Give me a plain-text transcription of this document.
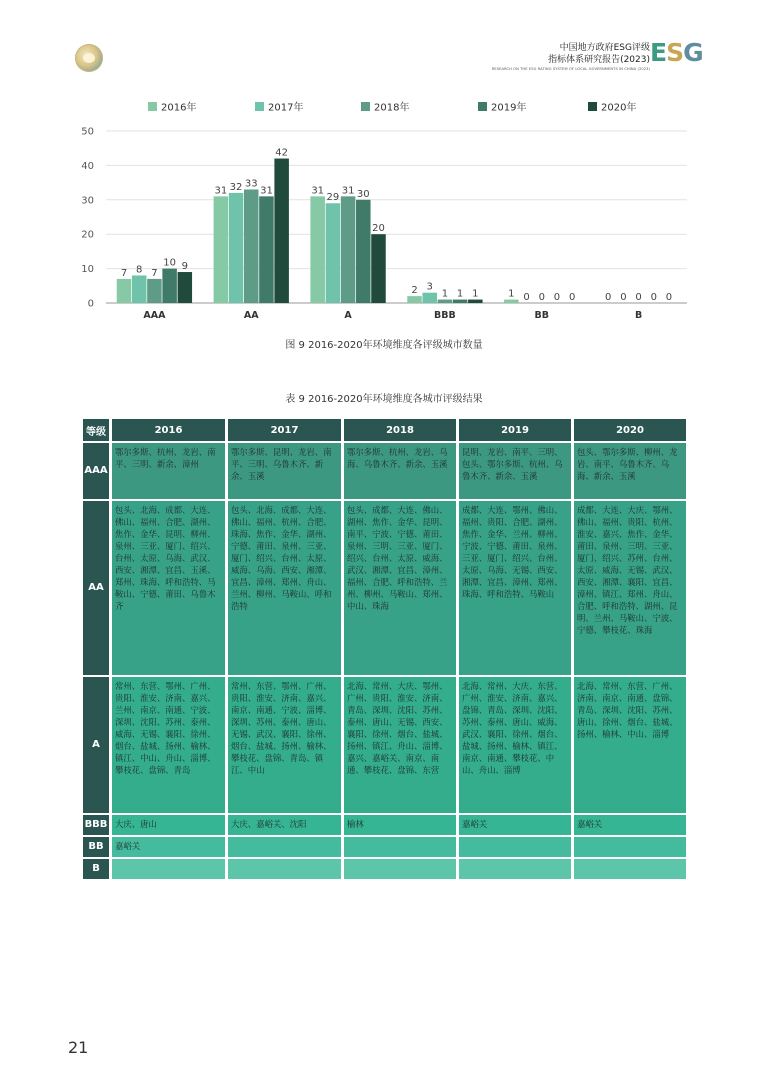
中国地方政府ESG评级
指标体系研究报告(2023)
RESEARCH ON THE ESG RATING SYSTEM OF LOCAL GOVERNMENTS IN CHINA (2023)
ESG
0
10
20
30
40
50
2016年	2017年	2018年	2019年	2020年
7 8 7
10 9
AAA
31 32 33
31
42
AA
31
29
31 30
20
A
2 3
1 1 1
BBB
1 0 0 0 0
BB
0 0 0 0 0
B
图 9 2016-2020年环境维度各评级城市数量
表 9 2016-2020年环境维度各城市评级结果
等级	2016	2017	2018	2019	2020
AAA	鄂尔多斯、杭州、龙岩、南平、三明、新余、漳州	鄂尔多斯、昆明、龙岩、南平、三明、乌鲁木齐、新余、玉溪	鄂尔多斯、杭州、龙岩、乌海、乌鲁木齐、新余、玉溪	昆明、龙岩、南平、三明、包头、鄂尔多斯、杭州、乌鲁木齐、新余、玉溪	包头、鄂尔多斯、柳州、龙岩、南平、乌鲁木齐、乌海、新余、玉溪
AA	包头、北海、成都、大连、佛山、福州、合肥、湖州、焦作、金华、昆明、柳州、泉州、三亚、厦门、绍兴、台州、太原、乌海、武汉、西安、湘潭、宜昌、玉溪、郑州、珠海、呼和浩特、马鞍山、宁德、莆田、乌鲁木齐	包头、北海、成都、大连、佛山、福州、杭州、合肥、珠海、焦作、金华、湖州、宁德、莆田、泉州、三亚、厦门、绍兴、台州、太原、威海、乌海、西安、湘潭、宜昌、漳州、郑州、舟山、兰州、柳州、马鞍山、呼和浩特	包头、成都、大连、佛山、湖州、焦作、金华、昆明、南平、宁波、宁德、莆田、泉州、三明、三亚、厦门、绍兴、台州、太原、威海、武汉、湘潭、宜昌、漳州、福州、合肥、呼和浩特、兰州、柳州、马鞍山、郑州、中山、珠海	成都、大连、鄂州、佛山、福州、贵阳、合肥、湖州、焦作、金华、兰州、柳州、宁波、宁德、莆田、泉州、三亚、厦门、绍兴、台州、太原、乌海、无锡、西安、湘潭、宜昌、漳州、郑州、珠海、呼和浩特、马鞍山	成都、大连、大庆、鄂州、佛山、福州、贵阳、杭州、淮安、嘉兴、焦作、金华、莆田、泉州、三明、三亚、厦门、绍兴、苏州、台州、太原、威海、无锡、武汉、西安、湘潭、襄阳、宜昌、漳州、镇江、郑州、舟山、合肥、呼和浩特、湖州、昆明、兰州、马鞍山、宁波、宁德、攀枝花、珠海
A	常州、东营、鄂州、广州、贵阳、淮安、济南、嘉兴、兰州、南京、南通、宁波、深圳、沈阳、苏州、泰州、威海、无锡、襄阳、徐州、烟台、盐城、扬州、榆林、镇江、中山、舟山、淄博、攀枝花、盘锦、青岛	常州、东营、鄂州、广州、贵阳、淮安、济南、嘉兴、南京、南通、宁波、淄博、深圳、苏州、泰州、唐山、无锡、武汉、襄阳、徐州、烟台、盐城、扬州、榆林、攀枝花、盘锦、青岛、镇江、中山	北海、常州、大庆、鄂州、广州、贵阳、淮安、济南、青岛、深圳、沈阳、苏州、泰州、唐山、无锡、西安、襄阳、徐州、烟台、盐城、扬州、镇江、舟山、淄博、嘉兴、嘉峪关、南京、南通、攀枝花、盘锦、东营	北海、常州、大庆、东营、广州、淮安、济南、嘉兴、盘锦、青岛、深圳、沈阳、苏州、泰州、唐山、威海、武汉、襄阳、徐州、烟台、盐城、扬州、榆林、镇江、南京、南通、攀枝花、中山、舟山、淄博	北海、常州、东营、广州、济南、南京、南通、盘锦、青岛、深圳、沈阳、苏州、唐山、徐州、烟台、盐城、扬州、榆林、中山、淄博
BBB	大庆、唐山	大庆、嘉峪关、沈阳	榆林	嘉峪关	嘉峪关
BB	嘉峪关				
B					
21
